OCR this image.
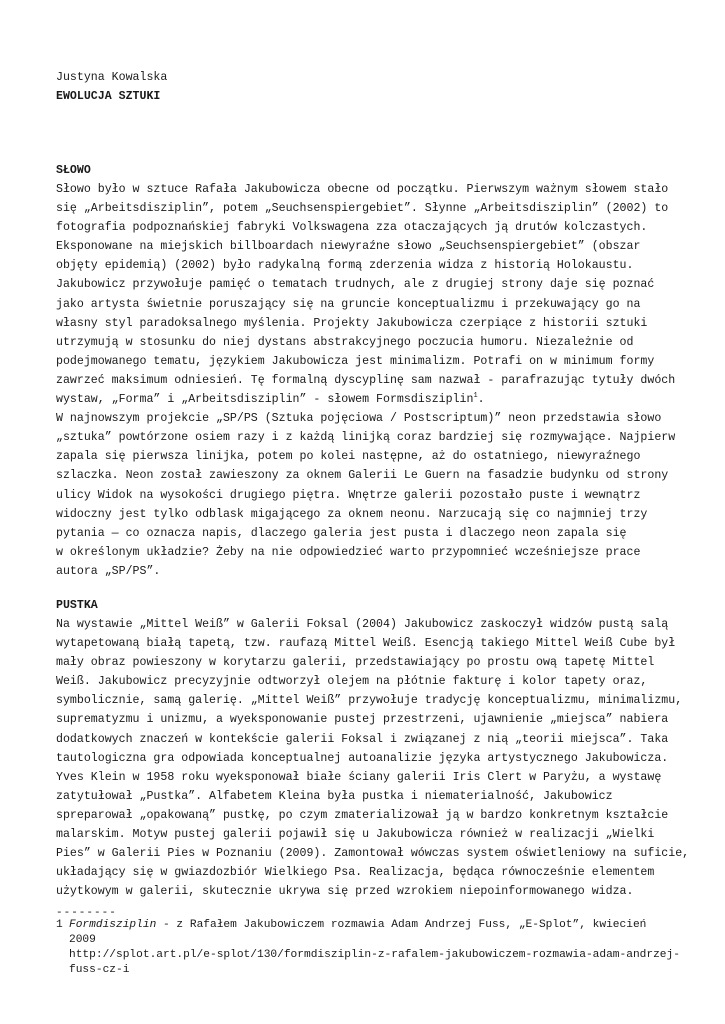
Justyna Kowalska
EWOLUCJA SZTUKI

SŁOWO

Słowo było w sztuce Rafała Jakubowicza obecne od początku. Pierwszym ważnym słowem stało
się „Arbeitsdisziplin”, potem „Seuchsenspiergebiet”. Słynne „Arbeitsdisziplin” (2002) to
fotografia podpoznańskiej fabryki Volkswagena zza otaczających ją drutów kolczastych.
Eksponowane na miejskich billboardach niewyraźne słowo „Seuchsenspiergebiet” (obszar
objęty epidemią) (2002) było radykalną formą zderzenia widza z historią Holokaustu.
Jakubowicz przywołuje pamięć o tematach trudnych, ale z drugiej strony daje się poznać
jako artysta świetnie poruszający się na gruncie konceptualizmu i przekuwający go na
własny styl paradoksalnego myślenia. Projekty Jakubowicza czerpiące z historii sztuki
utrzymują w stosunku do niej dystans abstrakcyjnego poczucia humoru. Niezależnie od
podejmowanego tematu, językiem Jakubowicza jest minimalizm. Potrafi on w minimum formy
zawrzeć maksimum odniesień. Tę formalną dyscyplinę sam nazwał - parafrazując tytuły dwóch
wystaw, „Forma” i „Arbeitsdisziplin” - słowem Formsdisziplin$^1$.
W najnowszym projekcie „SP/PS (Sztuka pojęciowa / Postscriptum)” neon przedstawia słowo
„sztuka” powtórzone osiem razy i z każdą linijką coraz bardziej się rozmywające. Najpierw
zapala się pierwsza linijka, potem po kolei następne, aż do ostatniego, niewyraźnego
szlaczka. Neon został zawieszony za oknem Galerii Le Guern na fasadzie budynku od strony
ulicy Widok na wysokości drugiego piętra. Wnętrze galerii pozostało puste i wewnątrz
widoczny jest tylko odblask migającego za oknem neonu. Narzucają się co najmniej trzy
pytania — co oznacza napis, dlaczego galeria jest pusta i dlaczego neon zapala się
w określonym układzie? Żeby na nie odpowiedzieć warto przypomnieć wcześniejsze prace
autora „SP/PS”.

PUSTKA

Na wystawie „Mittel Weiß” w Galerii Foksal (2004) Jakubowicz zaskoczył widzów pustą salą
wytapetowaną białą tapetą, tzw. raufazą Mittel Weiß. Esencją takiego Mittel Weiß Cube był
mały obraz powieszony w korytarzu galerii, przedstawiający po prostu ową tapetę Mittel
Weiß. Jakubowicz precyzyjnie odtworzył olejem na płótnie fakturę i kolor tapety oraz,
symbolicznie, samą galerię. „Mittel Weiß” przywołuje tradycję konceptualizmu, minimalizmu,
suprematyzmu i unizmu, a wyeksponowanie pustej przestrzeni, ujawnienie „miejsca” nabiera
dodatkowych znaczeń w kontekście galerii Foksal i związanej z nią „teorii miejsca”. Taka
tautologiczna gra odpowiada konceptualnej autoanalizie języka artystycznego Jakubowicza.
Yves Klein w 1958 roku wyeksponował białe ściany galerii Iris Clert w Paryżu, a wystawę
zatytułował „Pustka”. Alfabetem Kleina była pustka i niematerialność, Jakubowicz
spreparował „opakowaną” pustkę, po czym zmaterializował ją w bardzo konkretnym kształcie
malarskim. Motyw pustej galerii pojawił się u Jakubowicza również w realizacji „Wielki
Pies” w Galerii Pies w Poznaniu (2009). Zamontował wówczas system oświetleniowy na suficie,
układający się w gwiazdozbiór Wielkiego Psa. Realizacja, będąca równocześnie elementem
użytkowym w galerii, skutecznie ukrywa się przed wzrokiem niepoinformowanego widza.
--------
1 Formdisziplin - z Rafałem Jakubowiczem rozmawia Adam Andrzej Fuss, „E-Splot”, kwiecień
2009
http://splot.art.pl/e-splot/130/formdisziplin-z-rafalem-jakubowiczem-rozmawia-adam-andrzej-
fuss-cz-i
